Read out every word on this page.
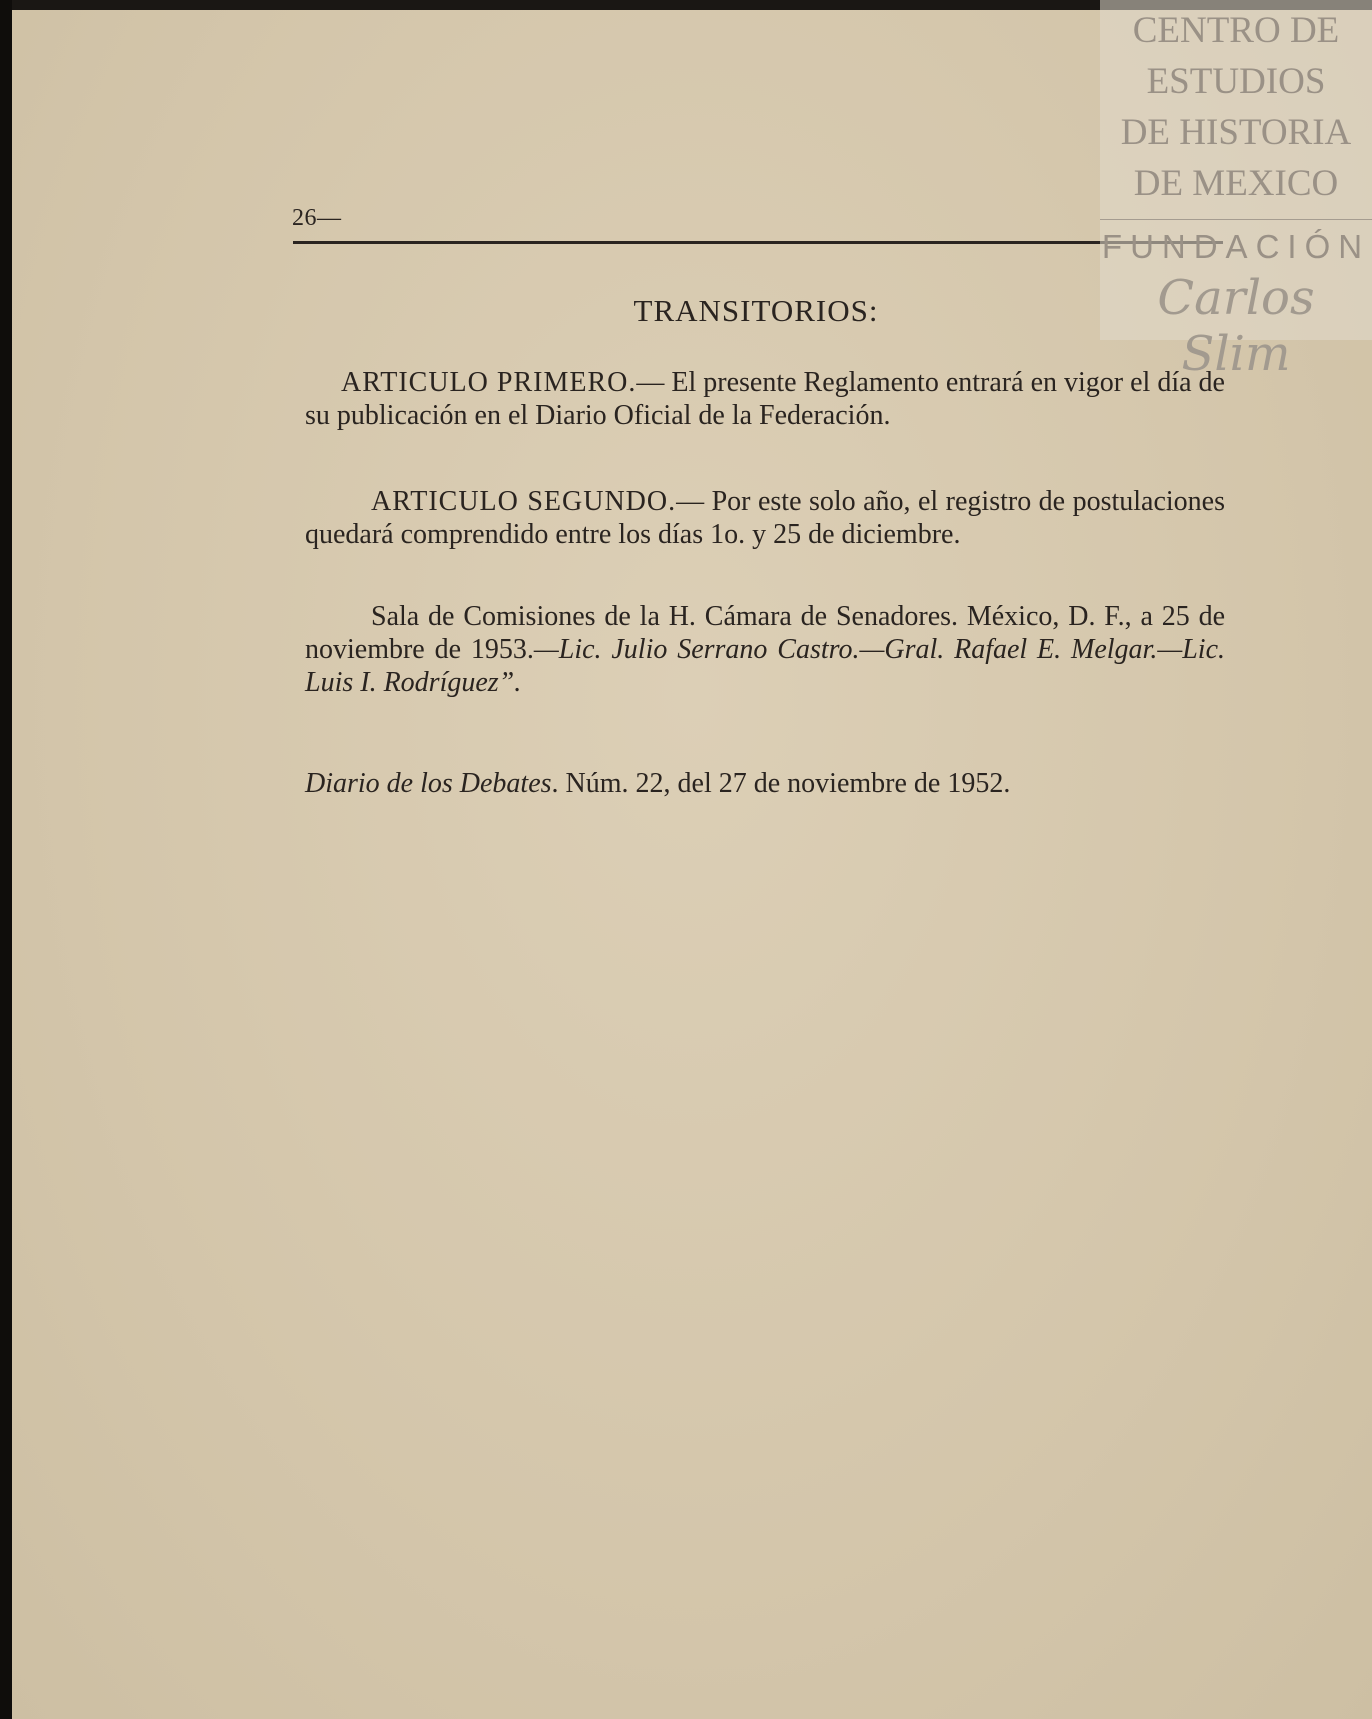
26—
TRANSITORIOS:
ARTICULO PRIMERO.— El presente Reglamento entrará en vigor el día de su publicación en el Diario Oficial de la Federación.
ARTICULO SEGUNDO.— Por este solo año, el registro de postulaciones quedará comprendido entre los días 1o. y 25 de diciembre.
Sala de Comisiones de la H. Cámara de Senadores. México, D. F., a 25 de noviembre de 1953.—Lic. Julio Serrano Castro.—Gral. Rafael E. Melgar.—Lic. Luis I. Rodríguez”.
Diario de los Debates. Núm. 22, del 27 de noviembre de 1952.
CENTRO DE
ESTUDIOS
DE HISTORIA
DE MEXICO
FUNDACIÓN
Carlos Slim
